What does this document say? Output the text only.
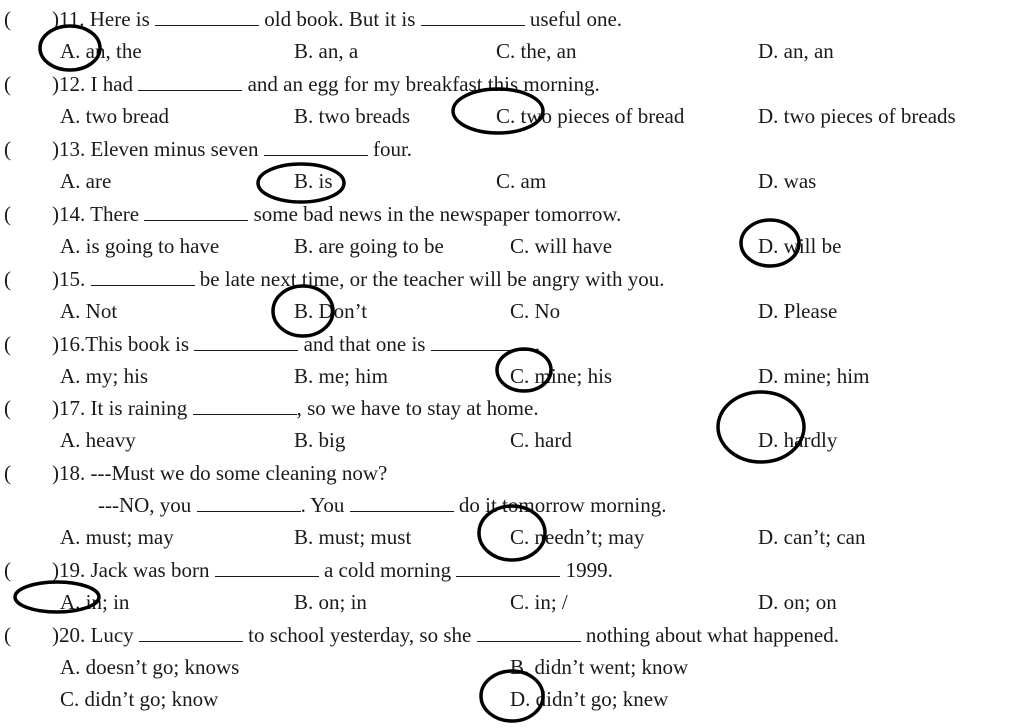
( )11. Here is	old book. But it is	useful one.
A. an, the	B. an, a	C. the, an	D. an, an
( )12. I had	and an egg for my breakfast this morning.
A. two bread	B. two breads	C. two pieces of bread	D. two pieces of breads
( )13. Eleven minus seven	four.
A. are	B. is	C. am	D. was
( )14. There	some bad news in the newspaper tomorrow.
A. is going to have	B. are going to be	C. will have	D. will be
( )15.	be late next time, or the teacher will be angry with you.
A. Not	B. Don’t	C. No	D. Please
( )16.This book is	and that one is	.
A. my; his	B. me; him	C. mine; his	D. mine; him
( )17. It is raining	, so we have to stay at home.
A. heavy	B. big	C. hard	D. hardly
( )18. ---Must we do some cleaning now?
---NO, you	. You	do it tomorrow morning.
A. must; may	B. must; must	C. needn’t; may	D. can’t; can
( )19. Jack was born	a cold morning	1999.
A. in; in	B. on; in	C. in; /	D. on; on
( )20. Lucy	to school yesterday, so she	nothing about what happened.
A. doesn’t go; knows	B. didn’t went; know
C. didn’t go; know	D. didn’t go; knew
